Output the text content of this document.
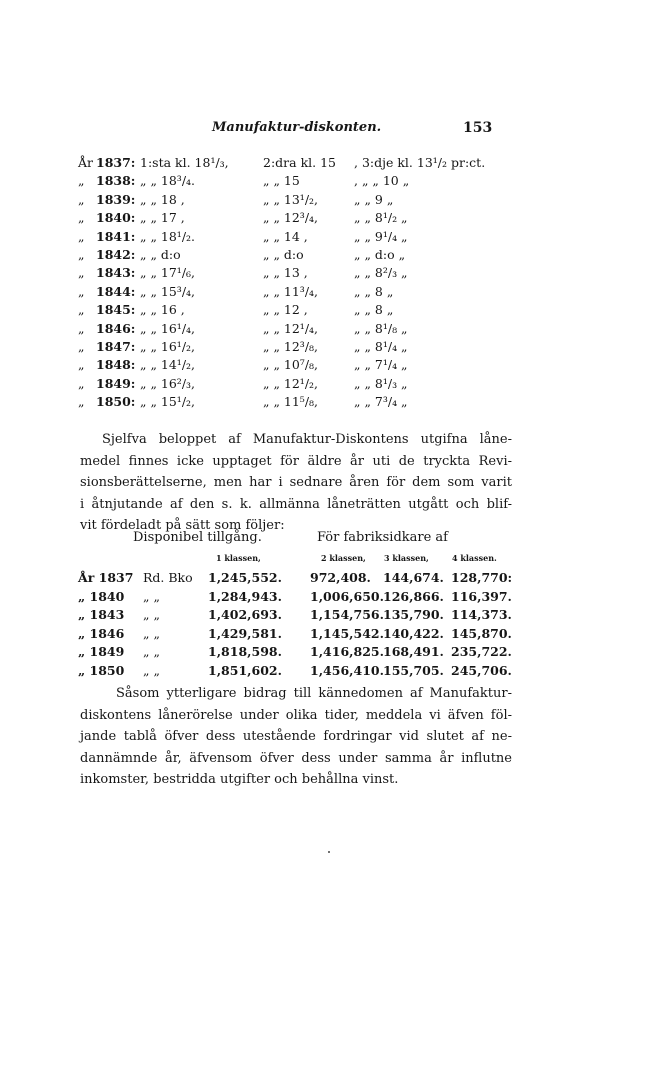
Manufaktur-diskonten.	153
År 1837: 1:sta kl. 18¹/₃,	2:dra kl. 15 , 3:dje kl. 13¹/₂ pr:ct.
„ 1838: „ „ 18³/₄.	„ „ 15	, „ „ 10 „
„ 1839: „ „ 18 ,	„ „ 13¹/₂,	„ „ 9 „
„ 1840: „ „ 17 ,	„ „ 12³/₄,	„ „ 8¹/₂ „
„ 1841: „ „ 18¹/₂.	„ „ 14 ,	„ „ 9¹/₄ „
„ 1842: „ „ d:o	„ „ d:o	„ „ d:o „
„ 1843: „ „ 17¹/₆,	„ „ 13 ,	„ „ 8²/₃ „
„ 1844: „ „ 15³/₄,	„ „ 11³/₄,	„ „ 8 „
„ 1845: „ „ 16 ,	„ „ 12 ,	„ „ 8 „
„ 1846: „ „ 16¹/₄,	„ „ 12¹/₄,	„ „ 8¹/₈ „
„ 1847: „ „ 16¹/₂,	„ „ 12³/₈,	„ „ 8¹/₄ „
„ 1848: „ „ 14¹/₂,	„ „ 10⁷/₈,	„ „ 7¹/₄ „
„ 1849: „ „ 16²/₃,	„ „ 12¹/₂,	„ „ 8¹/₃ „
„ 1850: „ „ 15¹/₂,	„ „ 11⁵/₈,	„ „ 7³/₄ „
Sjelfva beloppet af Manufaktur-Diskontens utgifna låne-
medel finnes icke upptaget för äldre år uti de tryckta Revi-
sionsberättelserne, men har i sednare åren för dem som varit
i åtnjutande af den s. k. allmänna låneträtten utgått och blif-
vit fördeladt på sätt som följer:
Disponibel tillgång.	För fabriksidkare af
1 klassen,	2 klassen, 3 klassen,	4 klassen.
År 1837 Rd. Bko 1,245,552. 972,408. 144,674. 128,770:
„ 1840 „ „	1,284,943. 1,006,650. 126,866. 116,397.
„ 1843 „ „	1,402,693. 1,154,756. 135,790. 114,373.
„ 1846 „ „	1,429,581. 1,145,542. 140,422. 145,870.
„ 1849 „ „	1,818,598. 1,416,825. 168,491. 235,722.
„ 1850 „ „	1,851,602. 1,456,410. 155,705. 245,706.
Såsom ytterligare bidrag till kännedomen af Manufaktur-
diskontens lånerörelse under olika tider, meddela vi äfven föl-
jande tablå öfver dess utestående fordringar vid slutet af ne-
dannämnde år, äfvensom öfver dess under samma år influtne
inkomster, bestridda utgifter och behållna vinst.
